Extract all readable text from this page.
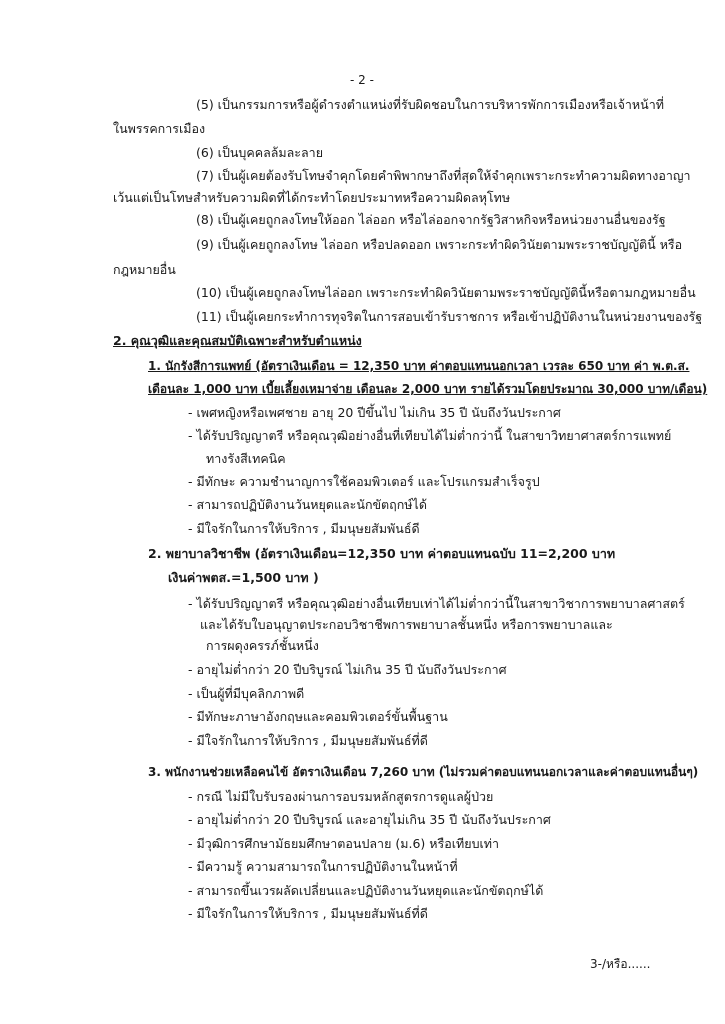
- 2 -
(5) เป็นกรรมการหรือผู้ดำรงตำแหน่งที่รับผิดชอบในการบริหารพักการเมืองหรือเจ้าหน้าที่
ในพรรคการเมือง
(6) เป็นบุคคลล้มละลาย
(7) เป็นผู้เคยต้องรับโทษจำคุกโดยคำพิพากษาถึงที่สุดให้จำคุกเพราะกระทำความผิดทางอาญา
เว้นแต่เป็นโทษสำหรับความผิดที่ได้กระทำโดยประมาทหรือความผิดลหุโทษ
(8) เป็นผู้เคยถูกลงโทษให้ออก ไล่ออก หรือไล่ออกจากรัฐวิสาหกิจหรือหน่วยงานอื่นของรัฐ
(9) เป็นผู้เคยถูกลงโทษ ไล่ออก หรือปลดออก เพราะกระทำผิดวินัยตามพระราชบัญญัตินี้ หรือ
กฎหมายอื่น
(10) เป็นผู้เคยถูกลงโทษไล่ออก เพราะกระทำผิดวินัยตามพระราชบัญญัตินี้หรือตามกฎหมายอื่น
(11) เป็นผู้เคยกระทำการทุจริตในการสอบเข้ารับราชการ หรือเข้าปฏิบัติงานในหน่วยงานของรัฐ
2. คุณวุฒิและคุณสมบัติเฉพาะสำหรับตำแหน่ง
1. นักรังสีการแพทย์ (อัตราเงินเดือน = 12,350 บาท ค่าตอบแทนนอกเวลา เวรละ 650 บาท ค่า พ.ต.ส.
เดือนละ 1,000 บาท เบี้ยเลี้ยงเหมาจ่าย เดือนละ 2,000 บาท รายได้รวมโดยประมาณ 30,000 บาท/เดือน)
- เพศหญิงหรือเพศชาย อายุ 20 ปีขึ้นไป ไม่เกิน 35 ปี นับถึงวันประกาศ
- ได้รับปริญญาตรี หรือคุณวุฒิอย่างอื่นที่เทียบได้ไม่ต่ำกว่านี้ ในสาขาวิทยาศาสตร์การแพทย์
ทางรังสีเทคนิค
- มีทักษะ ความชำนาญการใช้คอมพิวเตอร์ และโปรแกรมสำเร็จรูป
- สามารถปฏิบัติงานวันหยุดและนักขัตฤกษ์ได้
- มีใจรักในการให้บริการ , มีมนุษยสัมพันธ์ดี
2. พยาบาลวิชาชีพ (อัตราเงินเดือน=12,350 บาท ค่าตอบแทนฉบับ 11=2,200 บาท
เงินค่าพตส.=1,500 บาท )
- ได้รับปริญญาตรี หรือคุณวุฒิอย่างอื่นเทียบเท่าได้ไม่ต่ำกว่านี้ในสาขาวิชาการพยาบาลศาสตร์
และได้รับใบอนุญาตประกอบวิชาชีพการพยาบาลชั้นหนึ่ง หรือการพยาบาลและ
การผดุงครรภ์ชั้นหนึ่ง
- อายุไม่ต่ำกว่า 20 ปีบริบูรณ์ ไม่เกิน 35 ปี นับถึงวันประกาศ
- เป็นผู้ที่มีบุคลิกภาพดี
- มีทักษะภาษาอังกฤษและคอมพิวเตอร์ขั้นพื้นฐาน
- มีใจรักในการให้บริการ , มีมนุษยสัมพันธ์ที่ดี
3. พนักงานช่วยเหลือคนไข้ อัตราเงินเดือน 7,260 บาท (ไม่รวมค่าตอบแทนนอกเวลาและค่าตอบแทนอื่นๆ)
- กรณี ไม่มีใบรับรองผ่านการอบรมหลักสูตรการดูแลผู้ป่วย
- อายุไม่ต่ำกว่า 20 ปีบริบูรณ์ และอายุไม่เกิน 35 ปี นับถึงวันประกาศ
- มีวุฒิการศึกษามัธยมศึกษาตอนปลาย (ม.6) หรือเทียบเท่า
- มีความรู้ ความสามารถในการปฏิบัติงานในหน้าที่
- สามารถขึ้นเวรผลัดเปลี่ยนและปฏิบัติงานวันหยุดและนักขัตฤกษ์ได้
- มีใจรักในการให้บริการ , มีมนุษยสัมพันธ์ที่ดี
3-/หรือ......
